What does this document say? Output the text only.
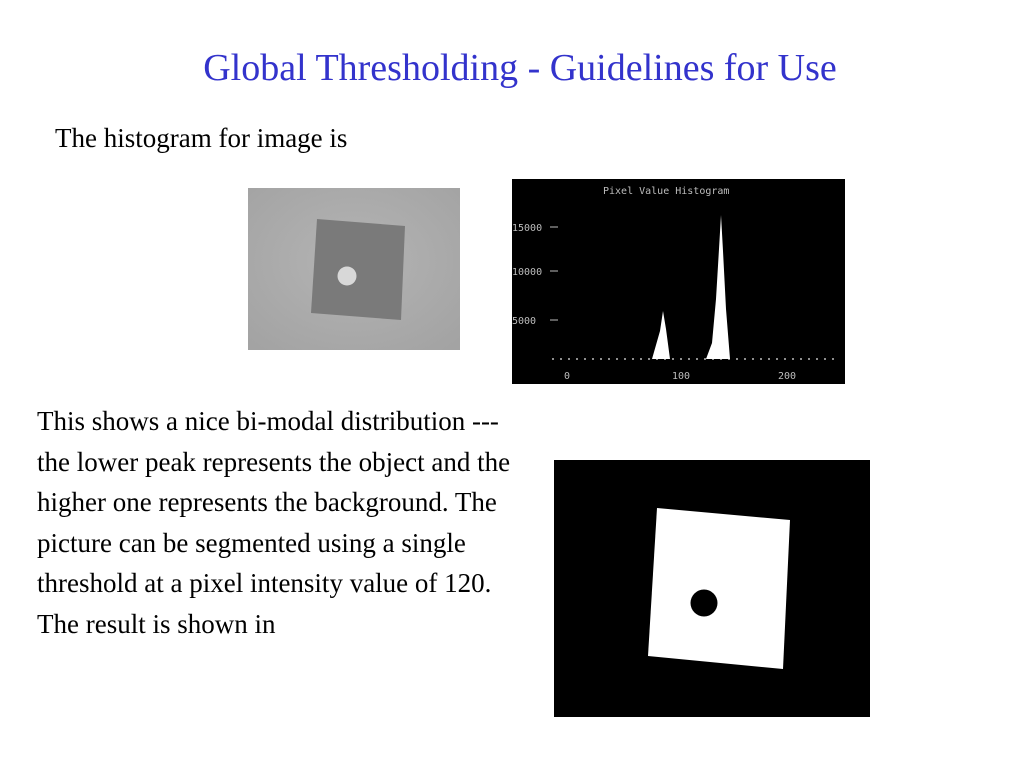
Global Thresholding - Guidelines for Use
The histogram for image is
Pixel Value Histogram
15000
10000
5000
0	100	200
This shows a nice bi-modal distribution --- the lower peak represents the object and the higher one represents the background. The picture can be segmented using a single threshold at a pixel intensity value of 120. The result is shown in
